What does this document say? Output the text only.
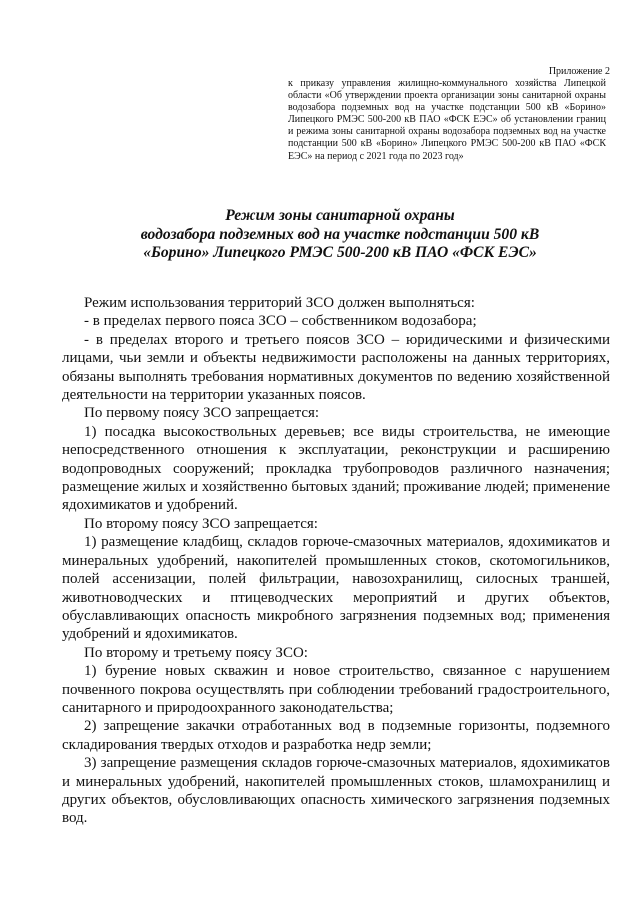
Приложение 2
к приказу управления жилищно-коммунального хозяйства Липецкой области «Об утверждении проекта организации зоны санитарной охраны водозабора подземных вод на участке подстанции 500 кВ «Борино» Липецкого РМЭС 500-200 кВ ПАО «ФСК ЕЭС» об установлении границ и режима зоны санитарной охраны водозабора подземных вод на участке подстанции 500 кВ «Борино» Липецкого РМЭС 500-200 кВ ПАО «ФСК ЕЭС» на период с 2021 года по 2023 год»
Режим зоны санитарной охраны
водозабора подземных вод на участке подстанции 500 кВ
«Борино» Липецкого РМЭС 500-200 кВ ПАО «ФСК ЕЭС»

Режим использования территорий ЗСО должен выполняться:

- в пределах первого пояса ЗСО – собственником водозабора;

- в пределах второго и третьего поясов ЗСО – юридическими и физическими лицами, чьи земли и объекты недвижимости расположены на данных территориях, обязаны выполнять требования нормативных документов по ведению хозяйственной деятельности на территории указанных поясов.

По первому поясу ЗСО запрещается:

1) посадка высокоствольных деревьев; все виды строительства, не имеющие непосредственного отношения к эксплуатации, реконструкции и расширению водопроводных сооружений; прокладка трубопроводов различного назначения; размещение жилых и хозяйственно бытовых зданий; проживание людей; применение ядохимикатов и удобрений.

По второму поясу ЗСО запрещается:

1) размещение кладбищ, складов горюче-смазочных материалов, ядохимикатов и минеральных удобрений, накопителей промышленных стоков, скотомогильников, полей ассенизации, полей фильтрации, навозохранилищ, силосных траншей, животноводческих и птицеводческих мероприятий и других объектов, обуславливающих опасность микробного загрязнения подземных вод; применения удобрений и ядохимикатов.

По второму и третьему поясу ЗСО:

1) бурение новых скважин и новое строительство, связанное с нарушением почвенного покрова осуществлять при соблюдении требований градостроительного, санитарного и природоохранного законодательства;

2) запрещение закачки отработанных вод в подземные горизонты, подземного складирования твердых отходов и разработка недр земли;

3) запрещение размещения складов горюче-смазочных материалов, ядохимикатов и минеральных удобрений, накопителей промышленных стоков, шламохранилищ и других объектов, обусловливающих опасность химического загрязнения подземных вод.
